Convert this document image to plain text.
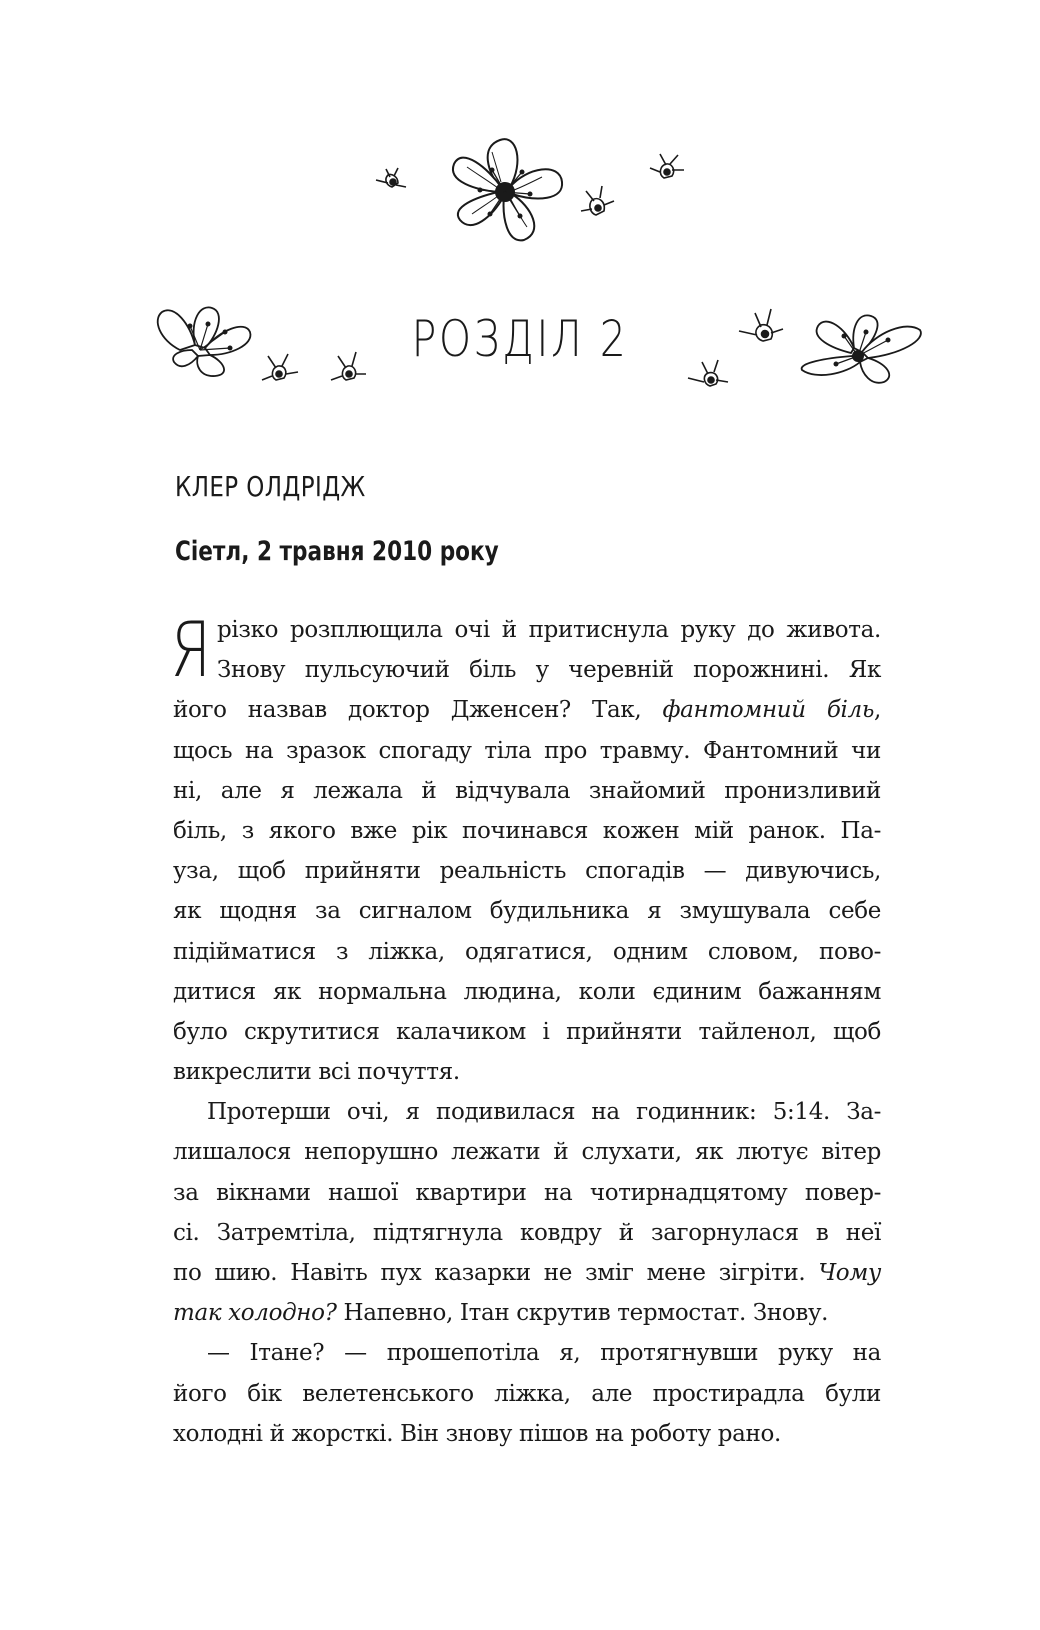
РОЗДІЛ 2
КЛЕР ОЛДРІДЖ
Сіетл, 2 травня 2010 року
Я різко розплющила очі й притиснула руку до живота.
Знову пульсуючий біль у черевній порожнині. Як
його назвав доктор Дженсен? Так, фантомний біль,
щось на зразок спогаду тіла про травму. Фантомний чи
ні, але я лежала й відчувала знайомий пронизливий
біль, з якого вже рік починався кожен мій ранок. Па-
уза, щоб прийняти реальність спогадів — дивуючись,
як щодня за сигналом будильника я змушувала себе
підійматися з ліжка, одягатися, одним словом, пово-
дитися як нормальна людина, коли єдиним бажанням
було скрутитися калачиком і прийняти тайленол, щоб
викреслити всі почуття.
Протерши очі, я подивилася на годинник: 5:14. За-
лишалося непорушно лежати й слухати, як лютує вітер
за вікнами нашої квартири на чотирнадцятому повер-
сі. Затремтіла, підтягнула ковдру й загорнулася в неї
по шию. Навіть пух казарки не зміг мене зігріти. Чому
так холодно? Напевно, Ітан скрутив термостат. Знову.
— Ітане? — прошепотіла я, протягнувши руку на
його бік велетенського ліжка, але простирадла були
холодні й жорсткі. Він знову пішов на роботу рано.
